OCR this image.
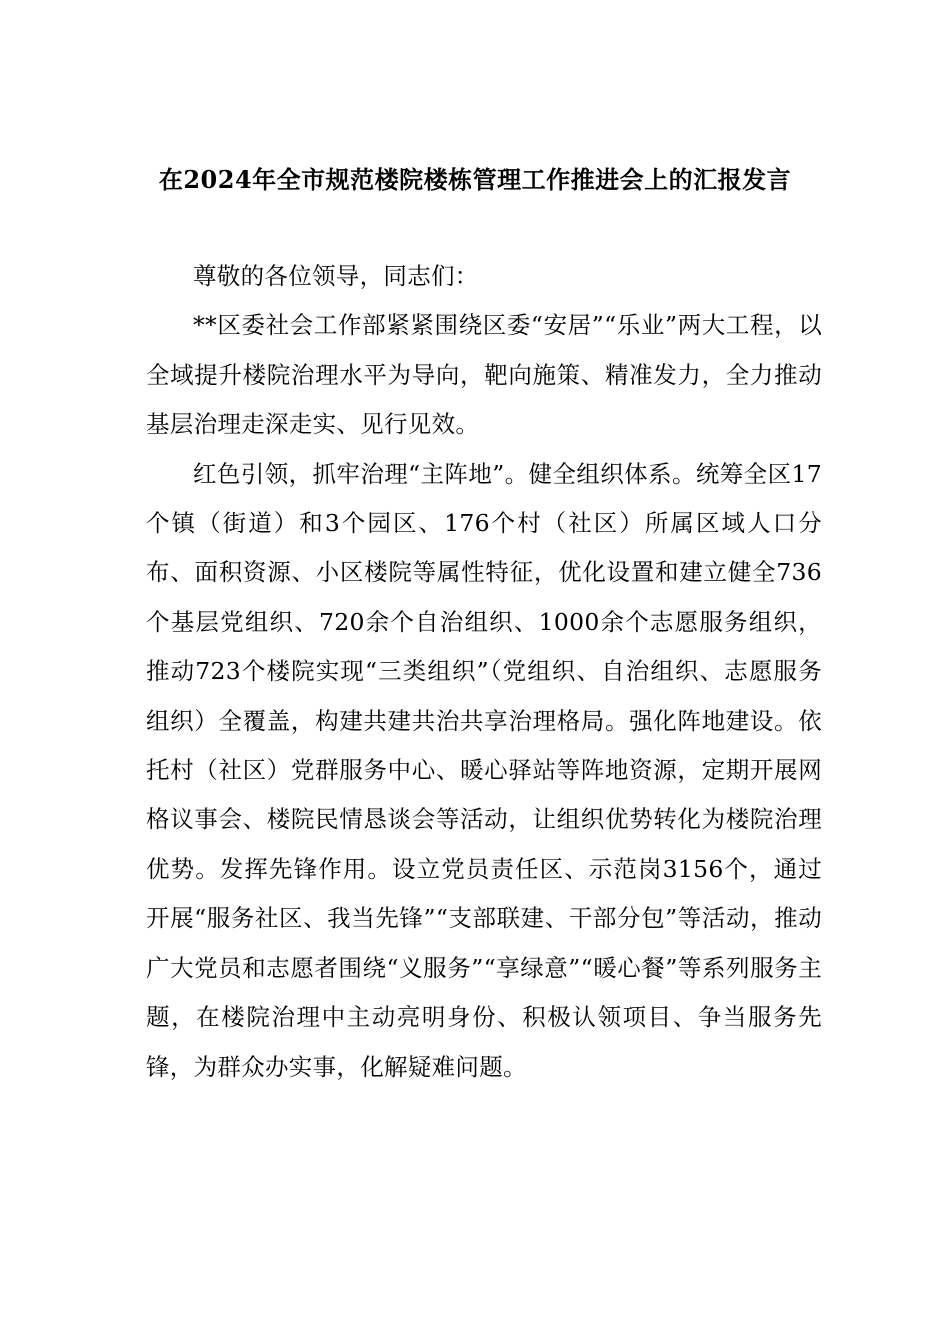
在2024年全市规范楼院楼栋管理工作推进会上的汇报发言

尊敬的各位领导，同志们：

**区委社会工作部紧紧围绕区委“安居”“乐业”两大工程，以全域提升楼院治理水平为导向，靶向施策、精准发力，全力推动基层治理走深走实、见行见效。

红色引领，抓牢治理“主阵地”。健全组织体系。统筹全区17个镇（街道）和3个园区、176个村（社区）所属区域人口分布、面积资源、小区楼院等属性特征，优化设置和建立健全736个基层党组织、720余个自治组织、1000余个志愿服务组织，推动723个楼院实现“三类组织”（党组织、自治组织、志愿服务组织）全覆盖，构建共建共治共享治理格局。强化阵地建设。依托村（社区）党群服务中心、暖心驿站等阵地资源，定期开展网格议事会、楼院民情恳谈会等活动，让组织优势转化为楼院治理优势。发挥先锋作用。设立党员责任区、示范岗3156个，通过开展“服务社区、我当先锋”“支部联建、干部分包”等活动，推动广大党员和志愿者围绕“义服务”“享绿意”“暖心餐”等系列服务主题，在楼院治理中主动亮明身份、积极认领项目、争当服务先锋，为群众办实事，化解疑难问题。
